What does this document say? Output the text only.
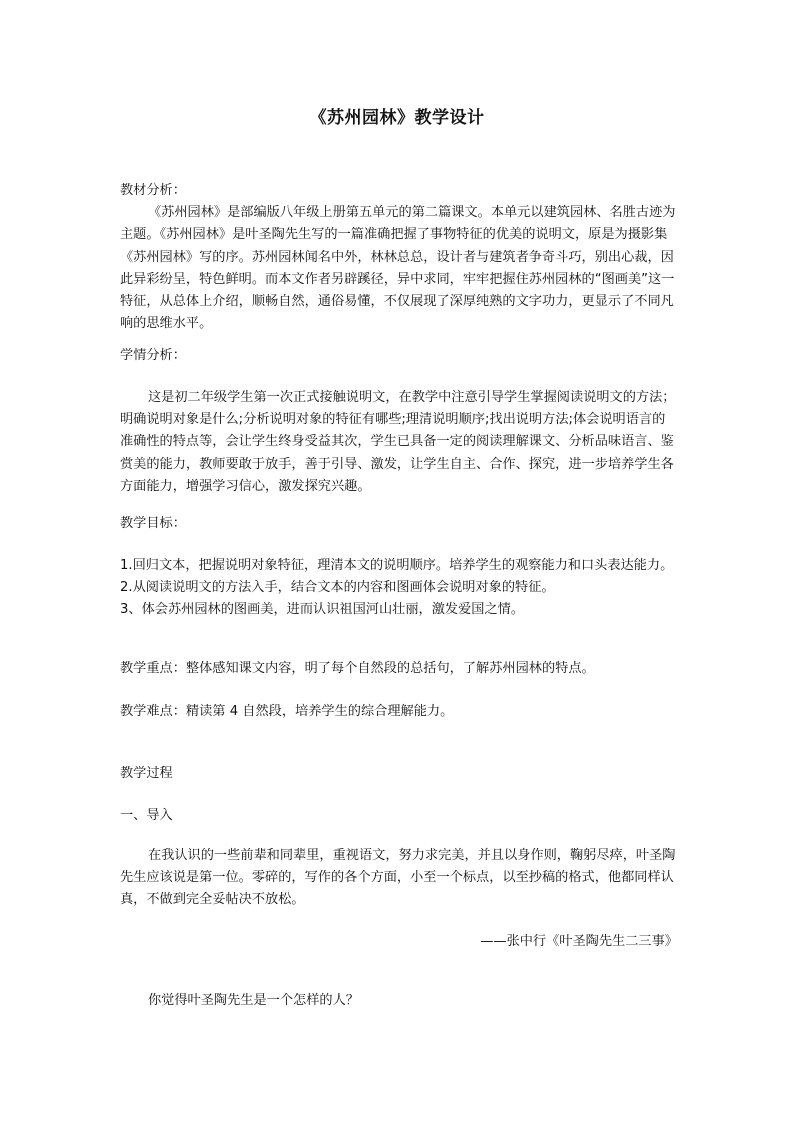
《苏州园林》教学设计

教材分析：

《苏州园林》是部编版八年级上册第五单元的第二篇课文。本单元以建筑园林、名胜古迹为主题。《苏州园林》是叶圣陶先生写的一篇准确把握了事物特征的优美的说明文，原是为摄影集《苏州园林》写的序。苏州园林闻名中外，林林总总，设计者与建筑者争奇斗巧，别出心裁，因此异彩纷呈，特色鲜明。而本文作者另辟蹊径，异中求同，牢牢把握住苏州园林的“图画美”这一特征，从总体上介绍，顺畅自然，通俗易懂，不仅展现了深厚纯熟的文字功力，更显示了不同凡响的思维水平。

学情分析：

这是初二年级学生第一次正式接触说明文，在教学中注意引导学生掌握阅读说明文的方法；明确说明对象是什么;分析说明对象的特征有哪些;理清说明顺序;找出说明方法;体会说明语言的准确性的特点等，会让学生终身受益其次，学生已具备一定的阅读理解课文、分析品味语言、鉴赏美的能力，教师要敢于放手，善于引导、激发，让学生自主、合作、探究，进一步培养学生各方面能力，增强学习信心，激发探究兴趣。

教学目标：

1.回归文本，把握说明对象特征，理清本文的说明顺序。培养学生的观察能力和口头表达能力。

2.从阅读说明文的方法入手，结合文本的内容和图画体会说明对象的特征。

3、体会苏州园林的图画美，进而认识祖国河山壮丽，激发爱国之情。

教学重点：整体感知课文内容，明了每个自然段的总括句，了解苏州园林的特点。

教学难点：精读第 4 自然段，培养学生的综合理解能力。

教学过程

一、导入

在我认识的一些前辈和同辈里，重视语文，努力求完美，并且以身作则，鞠躬尽瘁，叶圣陶先生应该说是第一位。零碎的，写作的各个方面，小至一个标点，以至抄稿的格式，他都同样认真，不做到完全妥帖决不放松。

——张中行《叶圣陶先生二三事》

你觉得叶圣陶先生是一个怎样的人？
